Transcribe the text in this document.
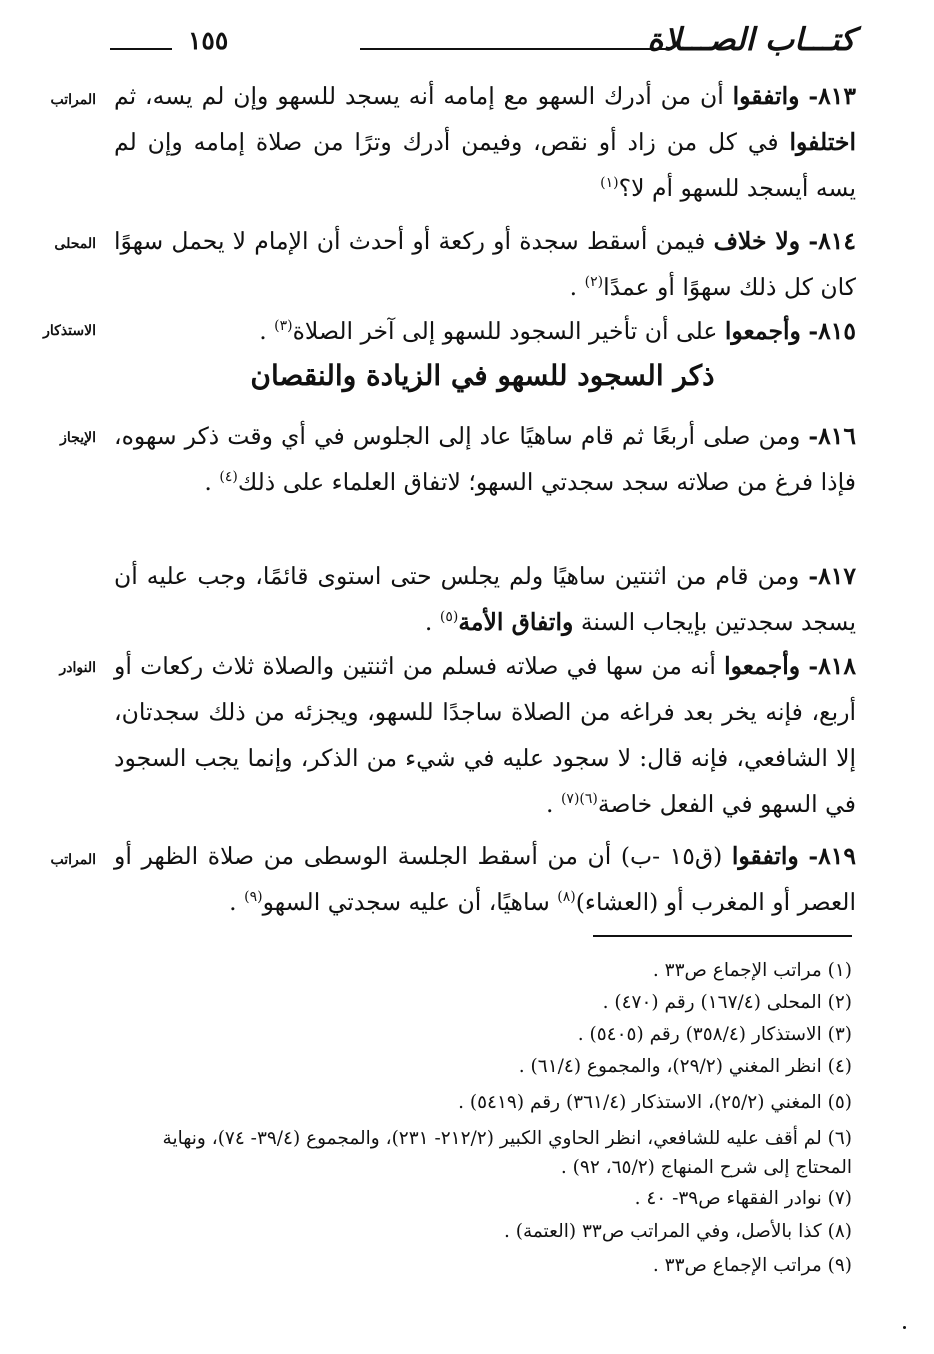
١٥٥	كتـــاب الصـــلاة
المراتب
المحلى
الاستذكار
الإيجاز
النوادر
المراتب
٨١٣- واتفقوا أن من أدرك السهو مع إمامه أنه يسجد للسهو وإن لم يسه، ثم اختلفوا في كل من زاد أو نقص، وفيمن أدرك وترًا من صلاة إمامه وإن لم يسه أيسجد للسهو أم لا؟$^{(١)}$
٨١٤- ولا خلاف فيمن أسقط سجدة أو ركعة أو أحدث أن الإمام لا يحمل سهوًا كان كل ذلك سهوًا أو عمدًا$^{(٢)}$ .
٨١٥- وأجمعوا على أن تأخير السجود للسهو إلى آخر الصلاة$^{(٣)}$ .
ذكر السجود للسهو في الزيادة والنقصان
٨١٦- ومن صلى أربعًا ثم قام ساهيًا عاد إلى الجلوس في أي وقت ذكر سهوه، فإذا فرغ من صلاته سجد سجدتي السهو؛ لاتفاق العلماء على ذلك$^{(٤)}$ .
٨١٧- ومن قام من اثنتين ساهيًا ولم يجلس حتى استوى قائمًا، وجب عليه أن يسجد سجدتين بإيجاب السنة واتفاق الأمة$^{(٥)}$ .
٨١٨- وأجمعوا أنه من سها في صلاته فسلم من اثنتين والصلاة ثلاث ركعات أو أربع، فإنه يخر بعد فراغه من الصلاة ساجدًا للسهو، ويجزئه من ذلك سجدتان، إلا الشافعي، فإنه قال: لا سجود عليه في شيء من الذكر، وإنما يجب السجود في السهو في الفعل خاصة$^{(٦)(٧)}$ .
٨١٩- واتفقوا (ق١٥ -ب) أن من أسقط الجلسة الوسطى من صلاة الظهر أو العصر أو المغرب أو (العشاء)$^{(٨)}$ ساهيًا، أن عليه سجدتي السهو$^{(٩)}$ .
(١) مراتب الإجماع ص٣٣ .
(٢) المحلى (١٦٧/٤) رقم (٤٧٠) .
(٣) الاستذكار (٣٥٨/٤) رقم (٥٤٠٥) .
(٤) انظر المغني (٢٩/٢)، والمجموع (٦١/٤) .
(٥) المغني (٢٥/٢)، الاستذكار (٣٦١/٤) رقم (٥٤١٩) .
(٦) لم أقف عليه للشافعي، انظر الحاوي الكبير (٢١٢/٢- ٢٣١)، والمجموع (٣٩/٤- ٧٤)، ونهاية المحتاج إلى شرح المنهاج (٦٥/٢، ٩٢) .
(٧) نوادر الفقهاء ص٣٩- ٤٠ .
(٨) كذا بالأصل، وفي المراتب ص٣٣ (العتمة) .
(٩) مراتب الإجماع ص٣٣ .
